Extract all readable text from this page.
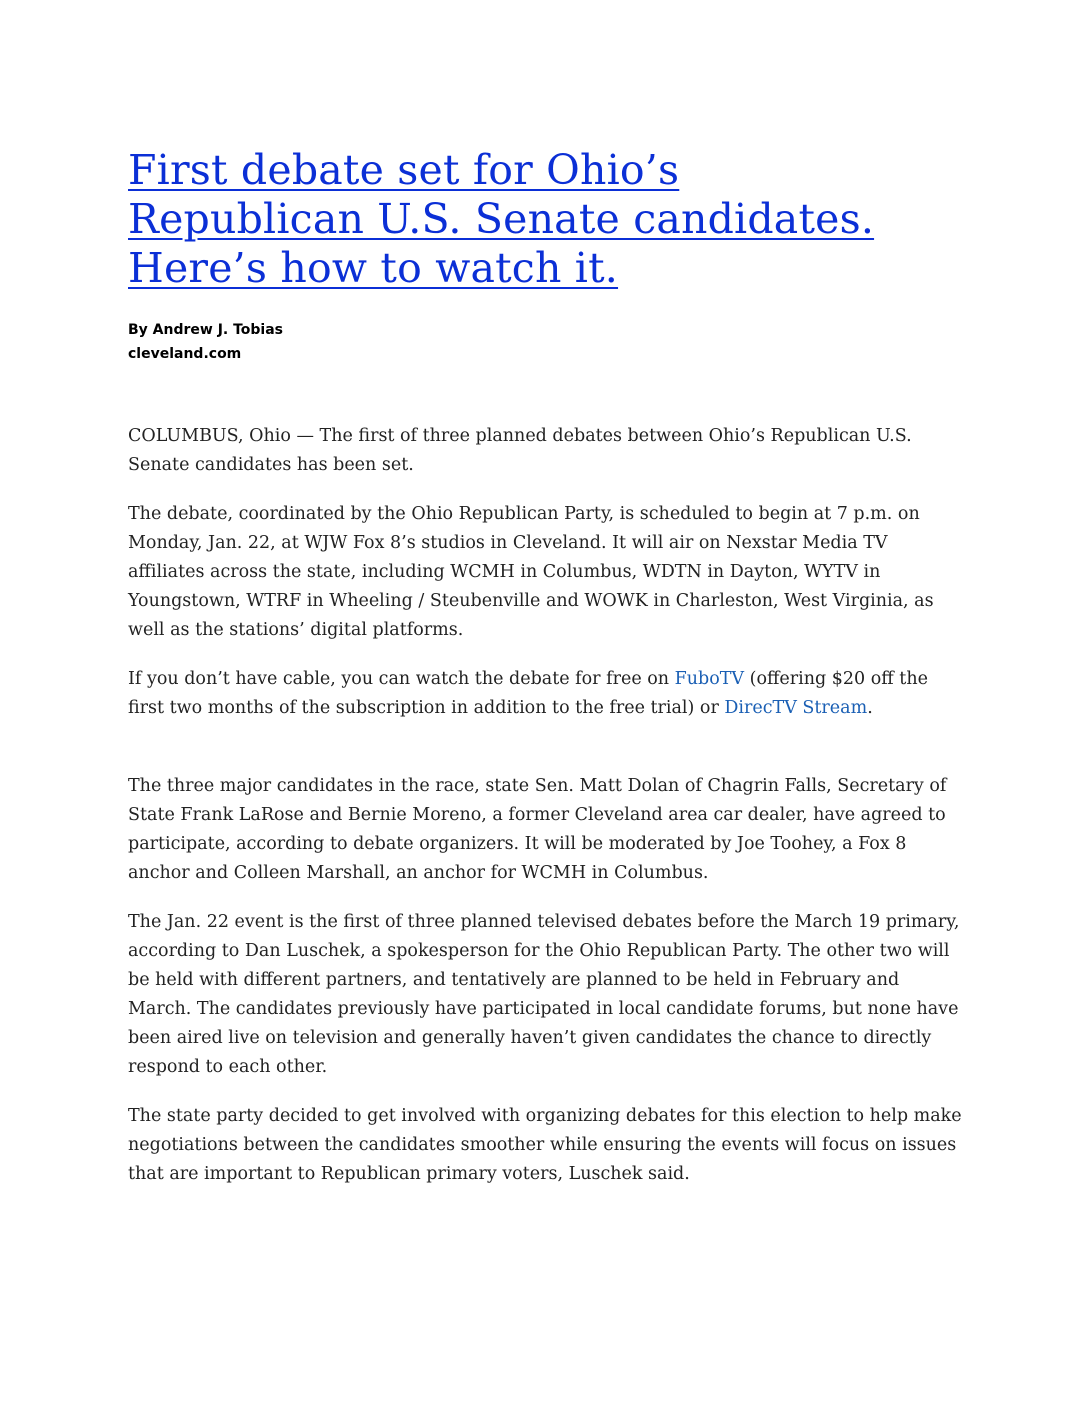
First debate set for Ohio’s Republican U.S. Senate candidates. Here’s how to watch it.
By Andrew J. Tobias
cleveland.com

COLUMBUS, Ohio — The first of three planned debates between Ohio’s Republican U.S. Senate candidates has been set.

The debate, coordinated by the Ohio Republican Party, is scheduled to begin at 7 p.m. on Monday, Jan. 22, at WJW Fox 8’s studios in Cleveland. It will air on Nexstar Media TV affiliates across the state, including WCMH in Columbus, WDTN in Dayton, WYTV in Youngstown, WTRF in Wheeling / Steubenville and WOWK in Charleston, West Virginia, as well as the stations’ digital platforms.

If you don’t have cable, you can watch the debate for free on FuboTV (offering $20 off the first two months of the subscription in addition to the free trial) or DirecTV Stream.

The three major candidates in the race, state Sen. Matt Dolan of Chagrin Falls, Secretary of State Frank LaRose and Bernie Moreno, a former Cleveland area car dealer, have agreed to participate, according to debate organizers. It will be moderated by Joe Toohey, a Fox 8 anchor and Colleen Marshall, an anchor for WCMH in Columbus.

The Jan. 22 event is the first of three planned televised debates before the March 19 primary, according to Dan Luschek, a spokesperson for the Ohio Republican Party. The other two will be held with different partners, and tentatively are planned to be held in February and March. The candidates previously have participated in local candidate forums, but none have been aired live on television and generally haven’t given candidates the chance to directly respond to each other.

The state party decided to get involved with organizing debates for this election to help make negotiations between the candidates smoother while ensuring the events will focus on issues that are important to Republican primary voters, Luschek said.
